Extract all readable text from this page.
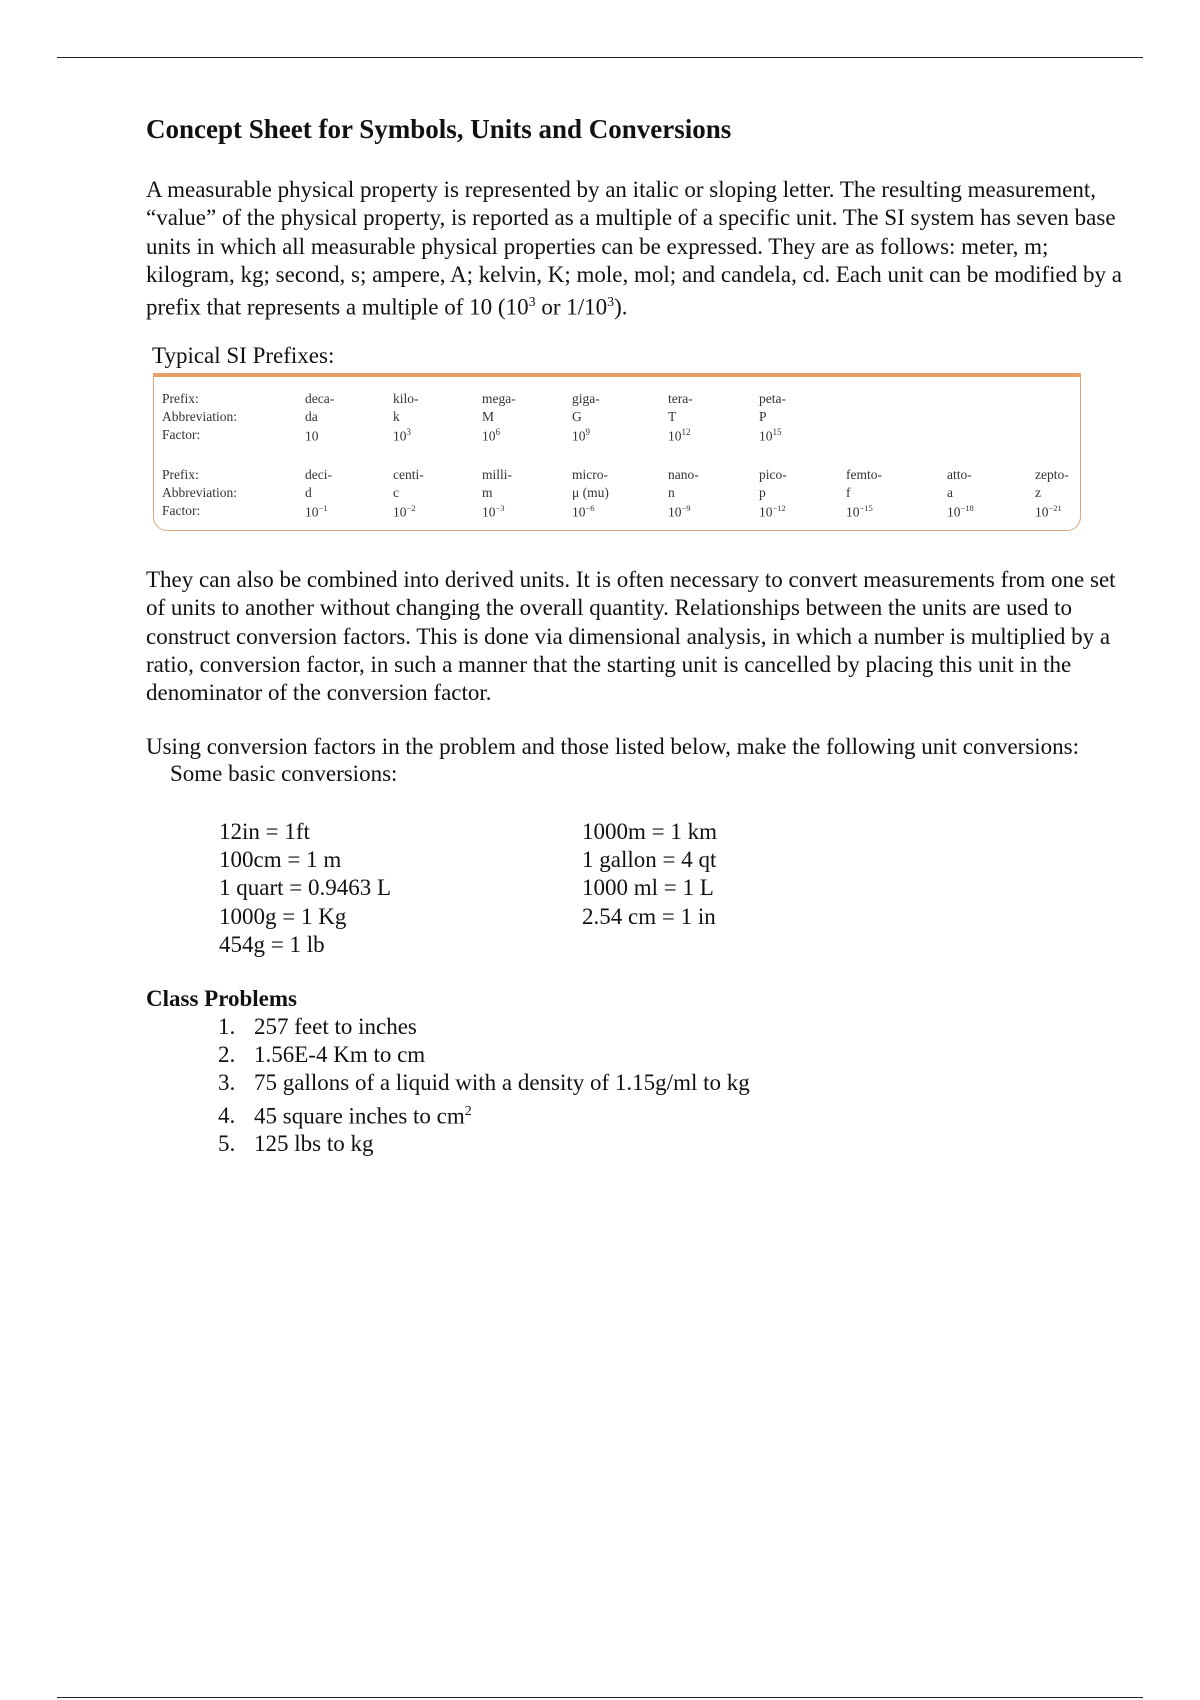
Concept Sheet for Symbols, Units and Conversions

A measurable physical property is represented by an italic or sloping letter. The resulting measurement, “value” of the physical property, is reported as a multiple of a specific unit. The SI system has seven base units in which all measurable physical properties can be expressed. They are as follows: meter, m; kilogram, kg; second, s; ampere, A; kelvin, K; mole, mol; and candela, cd. Each unit can be modified by a prefix that represents a multiple of 10 ($10^3$ or $1/10^3$).

Typical SI Prefixes:
Prefix:	deca-	kilo-	mega-	giga-	tera-	peta-
Abbreviation:	da	k	M	G	T	P
Factor:	10	$10^3$	$10^6$	$10^9$	$10^{12}$	$10^{15}$
Prefix:	deci-	centi-	milli-	micro-	nano-	pico-	femto-	atto-	zepto-
Abbreviation:	d	c	m	μ (mu)	n	p	f	a	z
Factor:	$10^{-1}$	$10^{-2}$	$10^{-3}$	$10^{-6}$	$10^{-9}$	$10^{-12}$	$10^{-15}$	$10^{-18}$	$10^{-21}$

They can also be combined into derived units. It is often necessary to convert measurements from one set of units to another without changing the overall quantity. Relationships between the units are used to construct conversion factors. This is done via dimensional analysis, in which a number is multiplied by a ratio, conversion factor, in such a manner that the starting unit is cancelled by placing this unit in the denominator of the conversion factor.

Using conversion factors in the problem and those listed below, make the following unit conversions:

Some basic conversions:
12in = 1ft
100cm = 1 m
1 quart = 0.9463 L
1000g = 1 Kg
454g = 1 lb
1000m = 1 km
1 gallon = 4 qt
1000 ml = 1 L
2.54 cm = 1 in
Class Problems
1. 257 feet to inches
2. 1.56E-4 Km to cm
3. 75 gallons of a liquid with a density of 1.15g/ml to kg
4. 45 square inches to $cm^2$
5. 125 lbs to kg
